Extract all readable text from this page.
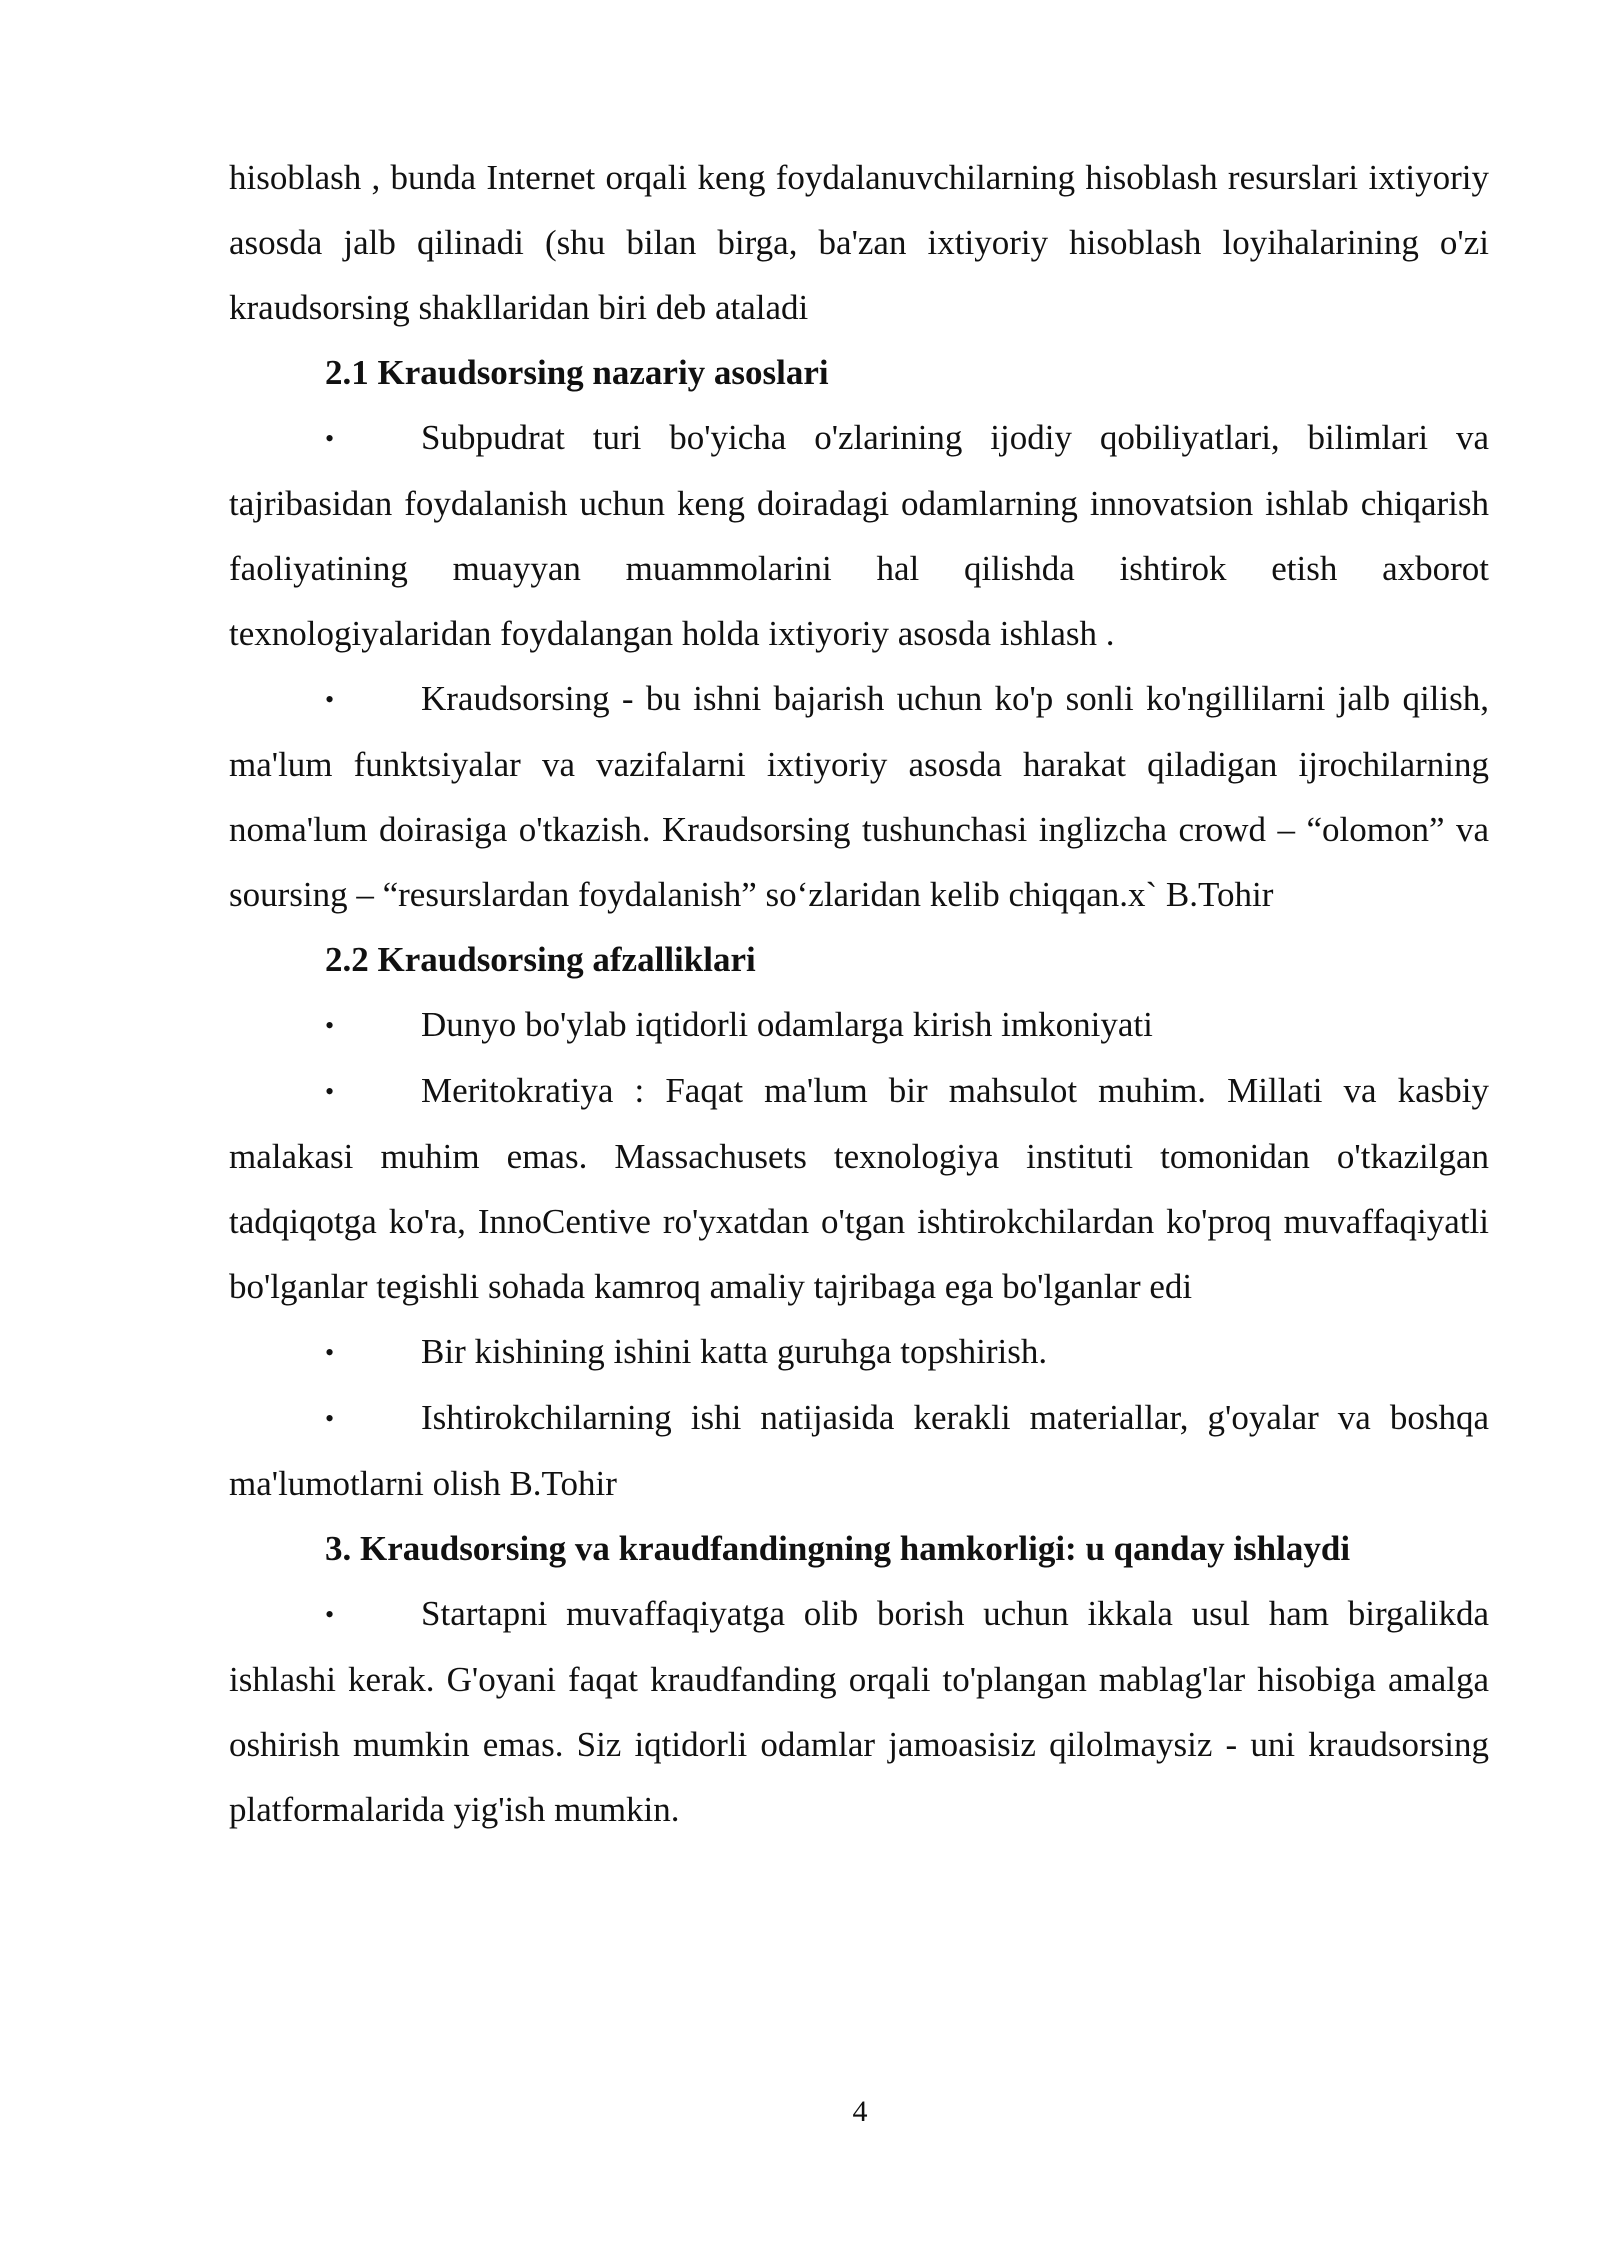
hisoblash , bunda Internet orqali keng foydalanuvchilarning hisoblash resurslari ixtiyoriy asosda jalb qilinadi (shu bilan birga, ba'zan ixtiyoriy hisoblash loyihalarining o'zi kraudsorsing shakllaridan biri deb ataladi

2.1 Kraudsorsing nazariy asoslari

• Subpudrat turi bo'yicha o'zlarining ijodiy qobiliyatlari, bilimlari va tajribasidan foydalanish uchun keng doiradagi odamlarning innovatsion ishlab chiqarish faoliyatining muayyan muammolarini hal qilishda ishtirok etish axborot texnologiyalaridan foydalangan holda ixtiyoriy asosda ishlash .

• Kraudsorsing - bu ishni bajarish uchun ko'p sonli ko'ngillilarni jalb qilish, ma'lum funktsiyalar va vazifalarni ixtiyoriy asosda harakat qiladigan ijrochilarning noma'lum doirasiga o'tkazish. Kraudsorsing tushunchasi inglizcha crowd – “olomon” va soursing – “resurslardan foydalanish” so‘zlaridan kelib chiqqan.x` B.Tohir

2.2 Kraudsorsing afzalliklari

• Dunyo bo'ylab iqtidorli odamlarga kirish imkoniyati

• Meritokratiya : Faqat ma'lum bir mahsulot muhim. Millati va kasbiy malakasi muhim emas. Massachusets texnologiya instituti tomonidan o'tkazilgan tadqiqotga ko'ra, InnoCentive ro'yxatdan o'tgan ishtirokchilardan ko'proq muvaffaqiyatli bo'lganlar tegishli sohada kamroq amaliy tajribaga ega bo'lganlar edi

• Bir kishining ishini katta guruhga topshirish.

• Ishtirokchilarning ishi natijasida kerakli materiallar, g'oyalar va boshqa ma'lumotlarni olish B.Tohir

3. Kraudsorsing va kraudfandingning hamkorligi: u qanday ishlaydi

• Startapni muvaffaqiyatga olib borish uchun ikkala usul ham birgalikda ishlashi kerak. G'oyani faqat kraudfanding orqali to'plangan mablag'lar hisobiga amalga oshirish mumkin emas. Siz iqtidorli odamlar jamoasisiz qilolmaysiz - uni kraudsorsing platformalarida yig'ish mumkin.

4
